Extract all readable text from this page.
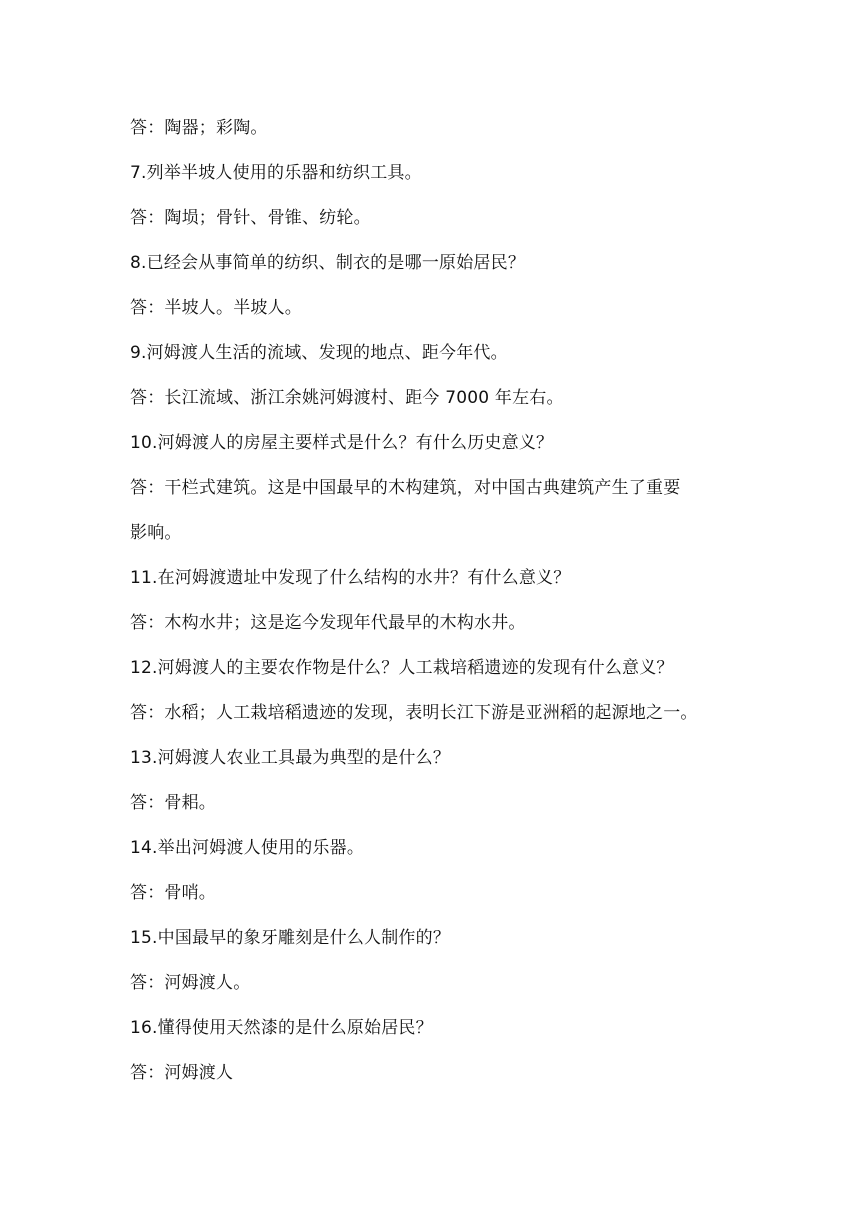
答：陶器；彩陶。
7.列举半坡人使用的乐器和纺织工具。
答：陶埙；骨针、骨锥、纺轮。
8.已经会从事简单的纺织、制衣的是哪一原始居民？
答：半坡人。半坡人。
9.河姆渡人生活的流域、发现的地点、距今年代。
答：长江流域、浙江余姚河姆渡村、距今 7000 年左右。
10.河姆渡人的房屋主要样式是什么？有什么历史意义？
答：干栏式建筑。这是中国最早的木构建筑，对中国古典建筑产生了重要
影响。
11.在河姆渡遗址中发现了什么结构的水井？有什么意义？
答：木构水井；这是迄今发现年代最早的木构水井。
12.河姆渡人的主要农作物是什么？人工栽培稻遗迹的发现有什么意义？
答：水稻；人工栽培稻遗迹的发现，表明长江下游是亚洲稻的起源地之一。
13.河姆渡人农业工具最为典型的是什么？
答：骨耜。
14.举出河姆渡人使用的乐器。
答：骨哨。
15.中国最早的象牙雕刻是什么人制作的？
答：河姆渡人。
16.懂得使用天然漆的是什么原始居民？
答：河姆渡人
